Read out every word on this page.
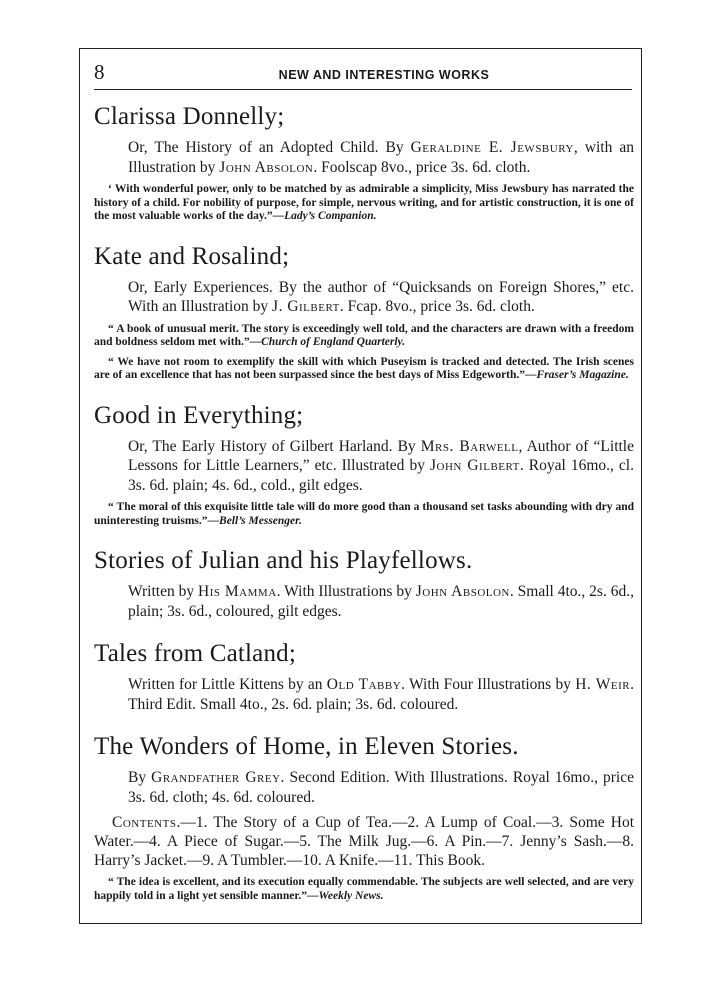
8	NEW AND INTERESTING WORKS
Clarissa Donnelly;

Or, The History of an Adopted Child. By Geraldine E. Jewsbury, with an Illustration by John Absolon. Foolscap 8vo., price 3s. 6d. cloth.

‘ With wonderful power, only to be matched by as admirable a simplicity, Miss Jewsbury has narrated the history of a child. For nobility of purpose, for simple, nervous writing, and for artistic construction, it is one of the most valuable works of the day.”—Lady’s Companion.

Kate and Rosalind;

Or, Early Experiences. By the author of “Quicksands on Foreign Shores,” etc. With an Illustration by J. Gilbert. Fcap. 8vo., price 3s. 6d. cloth.

“ A book of unusual merit. The story is exceedingly well told, and the characters are drawn with a freedom and boldness seldom met with.”—Church of England Quarterly.

“ We have not room to exemplify the skill with which Puseyism is tracked and detected. The Irish scenes are of an excellence that has not been surpassed since the best days of Miss Edgeworth.”—Fraser’s Magazine.

Good in Everything;

Or, The Early History of Gilbert Harland. By Mrs. Barwell, Author of “Little Lessons for Little Learners,” etc. Illustrated by John Gilbert. Royal 16mo., cl. 3s. 6d. plain; 4s. 6d., cold., gilt edges.

“ The moral of this exquisite little tale will do more good than a thousand set tasks abounding with dry and uninteresting truisms.”—Bell’s Messenger.

Stories of Julian and his Playfellows.

Written by His Mamma. With Illustrations by John Absolon. Small 4to., 2s. 6d., plain; 3s. 6d., coloured, gilt edges.

Tales from Catland;

Written for Little Kittens by an Old Tabby. With Four Illustrations by H. Weir. Third Edit. Small 4to., 2s. 6d. plain; 3s. 6d. coloured.

The Wonders of Home, in Eleven Stories.

By Grandfather Grey. Second Edition. With Illustrations. Royal 16mo., price 3s. 6d. cloth; 4s. 6d. coloured.

Contents.—1. The Story of a Cup of Tea.—2. A Lump of Coal.—3. Some Hot Water.—4. A Piece of Sugar.—5. The Milk Jug.—6. A Pin.—7. Jenny’s Sash.—8. Harry’s Jacket.—9. A Tumbler.—10. A Knife.—11. This Book.

“ The idea is excellent, and its execution equally commendable. The subjects are well selected, and are very happily told in a light yet sensible manner.”—Weekly News.
